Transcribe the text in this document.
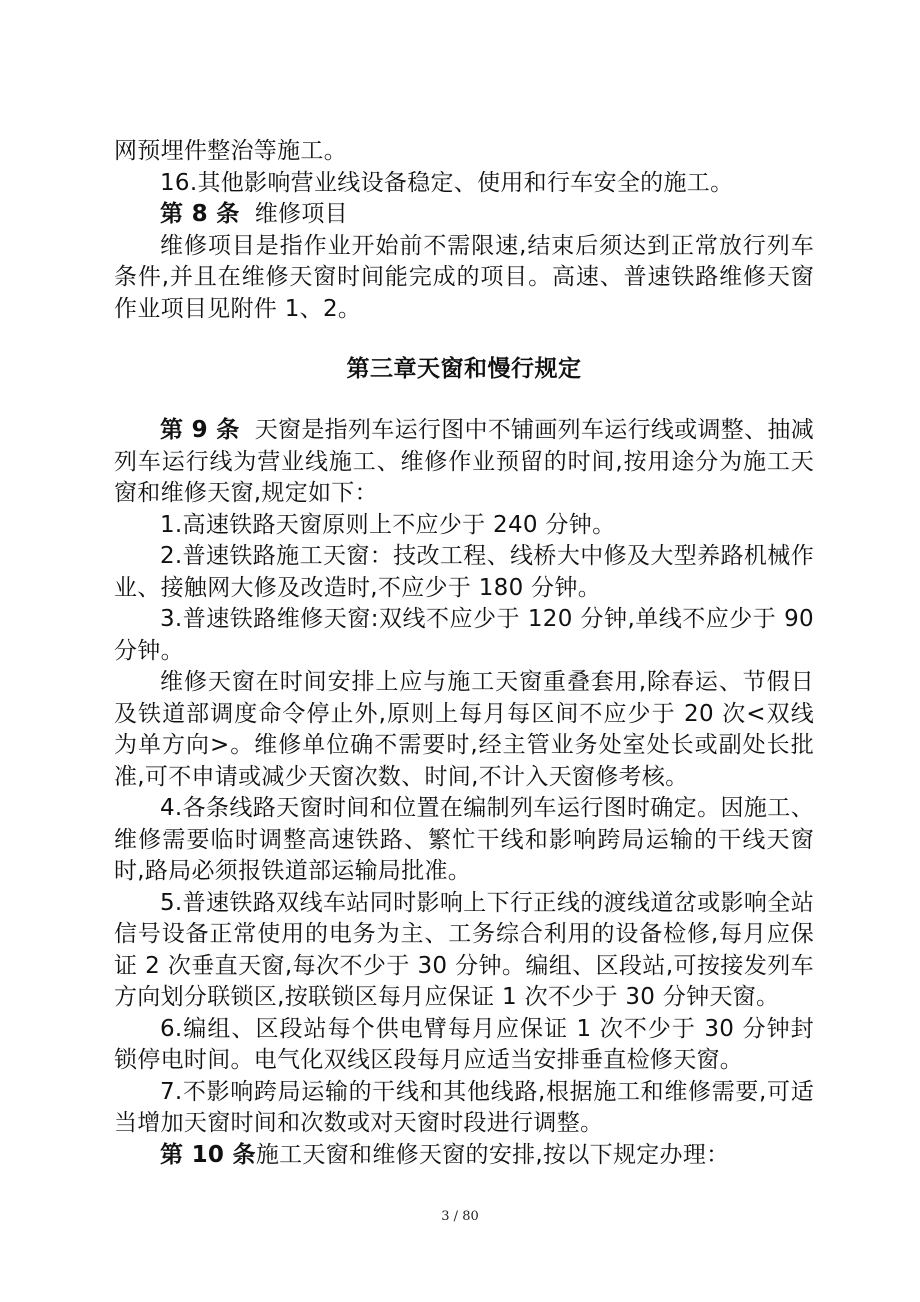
网预埋件整治等施工。

16.其他影响营业线设备稳定、使用和行车安全的施工。

第 8 条  维修项目

维修项目是指作业开始前不需限速,结束后须达到正常放行列车条件,并且在维修天窗时间能完成的项目。高速、普速铁路维修天窗作业项目见附件 1、2。

第三章天窗和慢行规定

第 9 条  天窗是指列车运行图中不铺画列车运行线或调整、抽减列车运行线为营业线施工、维修作业预留的时间,按用途分为施工天窗和维修天窗,规定如下：

1.高速铁路天窗原则上不应少于 240 分钟。

2.普速铁路施工天窗：技改工程、线桥大中修及大型养路机械作业、接触网大修及改造时,不应少于 180 分钟。

3.普速铁路维修天窗:双线不应少于 120 分钟,单线不应少于 90 分钟。

维修天窗在时间安排上应与施工天窗重叠套用,除春运、节假日及铁道部调度命令停止外,原则上每月每区间不应少于 20 次<双线为单方向>。维修单位确不需要时,经主管业务处室处长或副处长批准,可不申请或减少天窗次数、时间,不计入天窗修考核。

4.各条线路天窗时间和位置在编制列车运行图时确定。因施工、维修需要临时调整高速铁路、繁忙干线和影响跨局运输的干线天窗时,路局必须报铁道部运输局批准。

5.普速铁路双线车站同时影响上下行正线的渡线道岔或影响全站信号设备正常使用的电务为主、工务综合利用的设备检修,每月应保证 2 次垂直天窗,每次不少于 30 分钟。编组、区段站,可按接发列车方向划分联锁区,按联锁区每月应保证 1 次不少于 30 分钟天窗。

6.编组、区段站每个供电臂每月应保证 1 次不少于 30 分钟封锁停电时间。电气化双线区段每月应适当安排垂直检修天窗。

7.不影响跨局运输的干线和其他线路,根据施工和维修需要,可适当增加天窗时间和次数或对天窗时段进行调整。

第 10 条施工天窗和维修天窗的安排,按以下规定办理：

3 / 80
